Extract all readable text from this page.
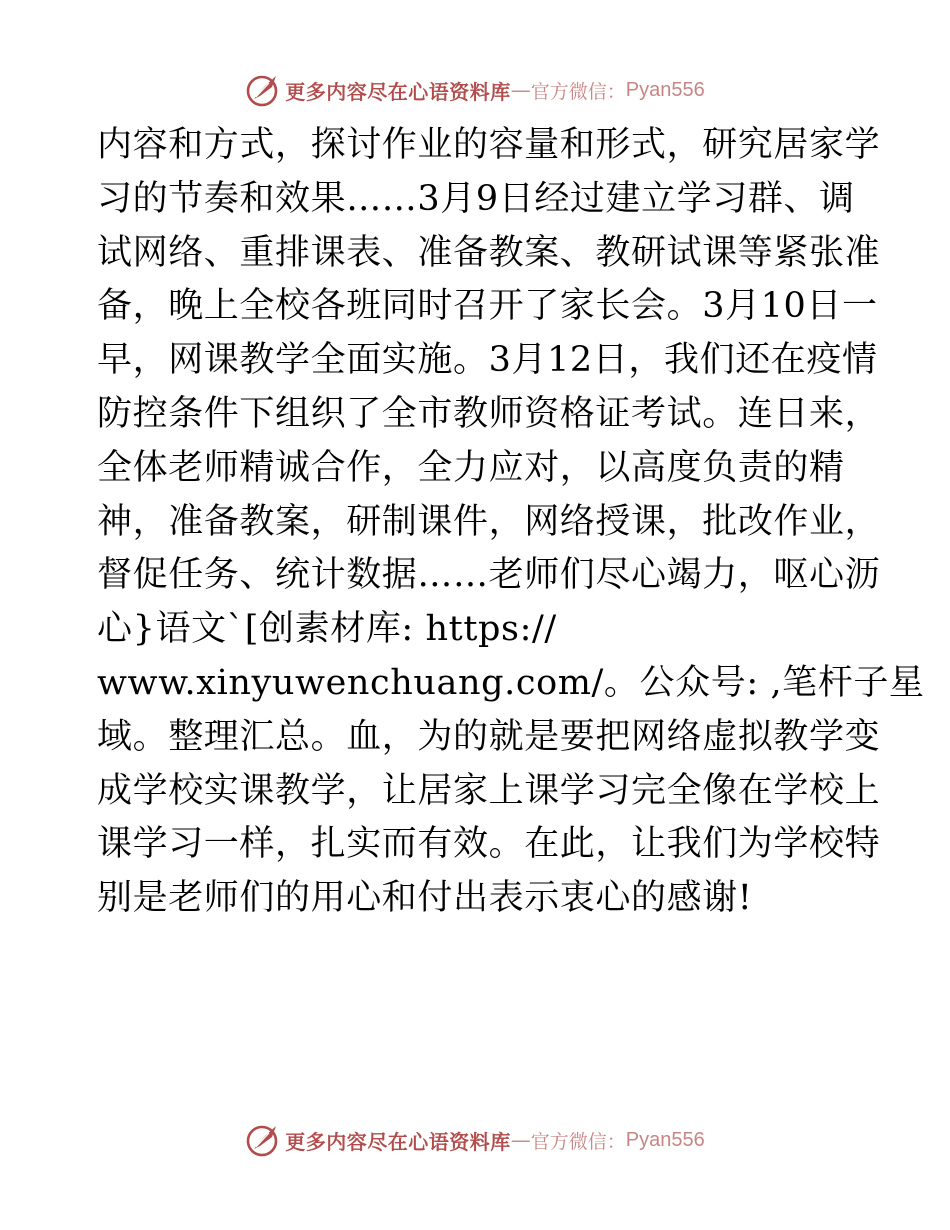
更多内容尽在心语资料库 — 官方微信： Pyan556
内容和方式，探讨作业的容量和形式，研究居家学
习的节奏和效果……3月9日经过建立学习群、调
试网络、重排课表、准备教案、教研试课等紧张准
备，晚上全校各班同时召开了家长会。3月10日一
早，网课教学全面实施。3月12日，我们还在疫情
防控条件下组织了全市教师资格证考试。连日来，
全体老师精诚合作，全力应对，以高度负责的精
神，准备教案，研制课件，网络授课，批改作业，
督促任务、统计数据……老师们尽心竭力，呕心沥
心}语文`[创素材库: https://
www.xinyuwenchuang.com/。公众号: ,笔杆子星
域。整理汇总。血，为的就是要把网络虚拟教学变
成学校实课教学，让居家上课学习完全像在学校上
课学习一样，扎实而有效。在此，让我们为学校特
别是老师们的用心和付出表示衷心的感谢!
更多内容尽在心语资料库 — 官方微信： Pyan556
